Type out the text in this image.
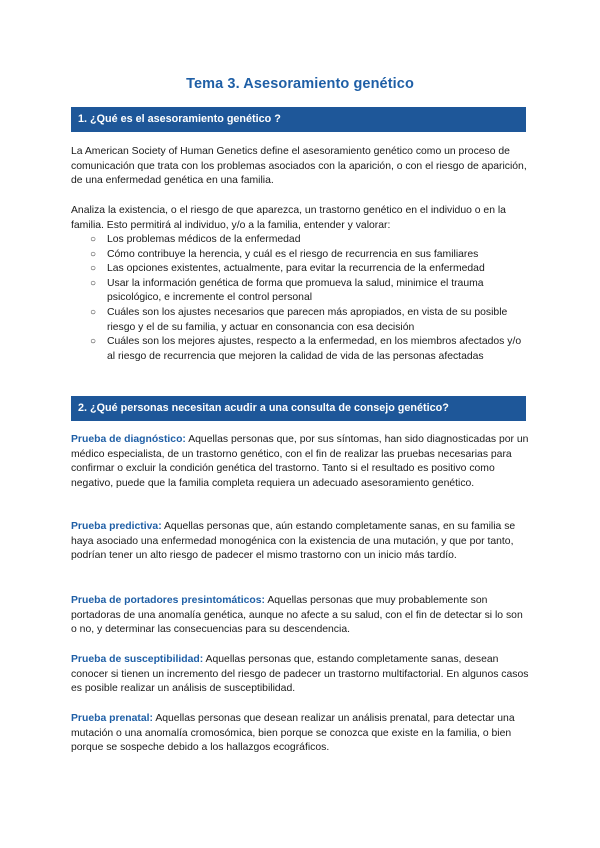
Tema 3. Asesoramiento genético
1. ¿Qué es el asesoramiento genético ?

La American Society of Human Genetics define el asesoramiento genético como un proceso de comunicación que trata con los problemas asociados con la aparición, o con el riesgo de aparición, de una enfermedad genética en una familia.

Analiza la existencia, o el riesgo de que aparezca, un trastorno genético en el individuo o en la familia. Esto permitirá al individuo, y/o a la familia, entender y valorar:

○ Los problemas médicos de la enfermedad
○ Cómo contribuye la herencia, y cuál es el riesgo de recurrencia en sus familiares
○ Las opciones existentes, actualmente, para evitar la recurrencia de la enfermedad
○ Usar la información genética de forma que promueva la salud, minimice el trauma psicológico, e incremente el control personal
○ Cuáles son los ajustes necesarios que parecen más apropiados, en vista de su posible riesgo y el de su familia, y actuar en consonancia con esa decisión
○ Cuáles son los mejores ajustes, respecto a la enfermedad, en los miembros afectados y/o al riesgo de recurrencia que mejoren la calidad de vida de las personas afectadas
2. ¿Qué personas necesitan acudir a una consulta de consejo genético?

Prueba de diagnóstico: Aquellas personas que, por sus síntomas, han sido diagnosticadas por un médico especialista, de un trastorno genético, con el fin de realizar las pruebas necesarias para confirmar o excluir la condición genética del trastorno. Tanto si el resultado es positivo como negativo, puede que la familia completa requiera un adecuado asesoramiento genético.

Prueba predictiva: Aquellas personas que, aún estando completamente sanas, en su familia se haya asociado una enfermedad monogénica con la existencia de una mutación, y que por tanto, podrían tener un alto riesgo de padecer el mismo trastorno con un inicio más tardío.

Prueba de portadores presintomáticos: Aquellas personas que muy probablemente son portadoras de una anomalía genética, aunque no afecte a su salud, con el fin de detectar si lo son o no, y determinar las consecuencias para su descendencia.

Prueba de susceptibilidad: Aquellas personas que, estando completamente sanas, desean conocer si tienen un incremento del riesgo de padecer un trastorno multifactorial. En algunos casos es posible realizar un análisis de susceptibilidad.

Prueba prenatal: Aquellas personas que desean realizar un análisis prenatal, para detectar una mutación o una anomalía cromosómica, bien porque se conozca que existe en la familia, o bien porque se sospeche debido a los hallazgos ecográficos.
